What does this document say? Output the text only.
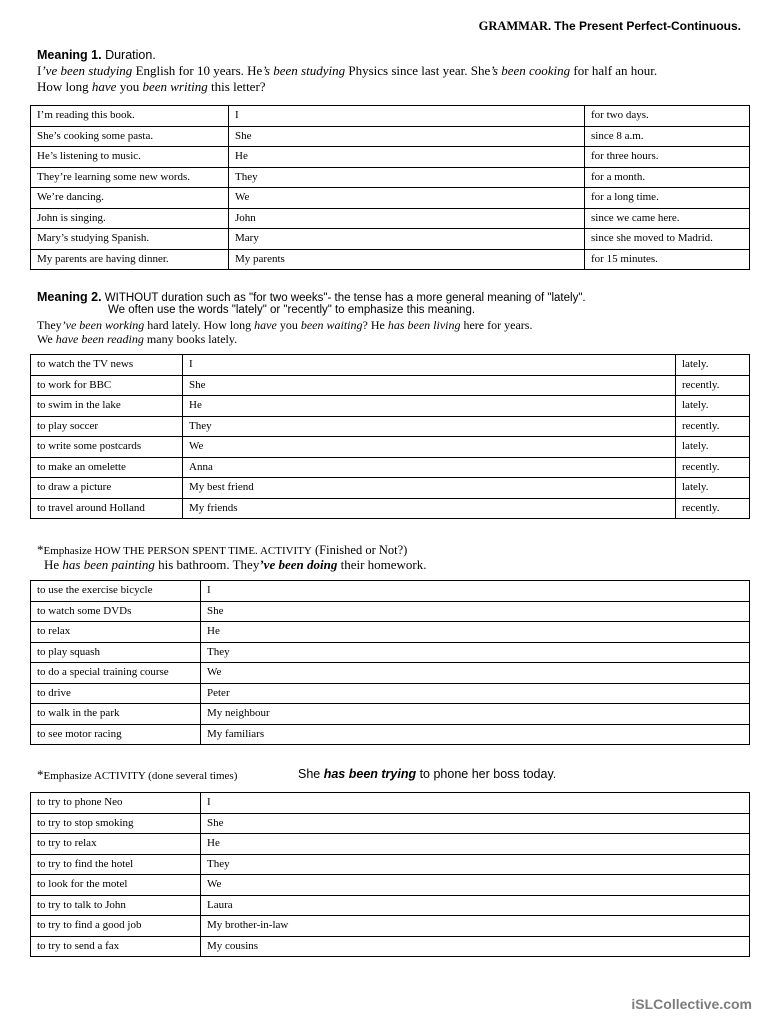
GRAMMAR. The Present Perfect-Continuous.
Meaning 1. Duration.
I’ve been studying English for 10 years. He’s been studying Physics since last year. She’s been cooking for half an hour.
How long have you been writing this letter?
I’m reading this book.	I	for two days.
She’s cooking some pasta.	She	since 8 a.m.
He’s listening to music.	He	for three hours.
They’re learning some new words.	They	for a month.
We’re dancing.	We	for a long time.
John is singing.	John	since we came here.
Mary’s studying Spanish.	Mary	since she moved to Madrid.
My parents are having dinner.	My parents	for 15 minutes.
Meaning 2. WITHOUT duration such as "for two weeks"- the tense has a more general meaning of "lately".
We often use the words "lately" or "recently" to emphasize this meaning.
They’ve been working hard lately. How long have you been waiting? He has been living here for years.
We have been reading many books lately.
to watch the TV news	I	lately.
to work for BBC	She	recently.
to swim in the lake	He	lately.
to play soccer	They	recently.
to write some postcards	We	lately.
to make an omelette	Anna	recently.
to draw a picture	My best friend	lately.
to travel around Holland	My friends	recently.
*Emphasize HOW THE PERSON SPENT TIME. ACTIVITY (Finished or Not?)
He has been painting his bathroom. They’ve been doing their homework.
to use the exercise bicycle	I
to watch some DVDs	She
to relax	He
to play squash	They
to do a special training course	We
to drive	Peter
to walk in the park	My neighbour
to see motor racing	My familiars
*Emphasize ACTIVITY (done several times)	She has been trying to phone her boss today.
to try to phone Neo	I
to try to stop smoking	She
to try to relax	He
to try to find the hotel	They
to look for the motel	We
to try to talk to John	Laura
to try to find a good job	My brother-in-law
to try to send a fax	My cousins
iSLCollective.com
